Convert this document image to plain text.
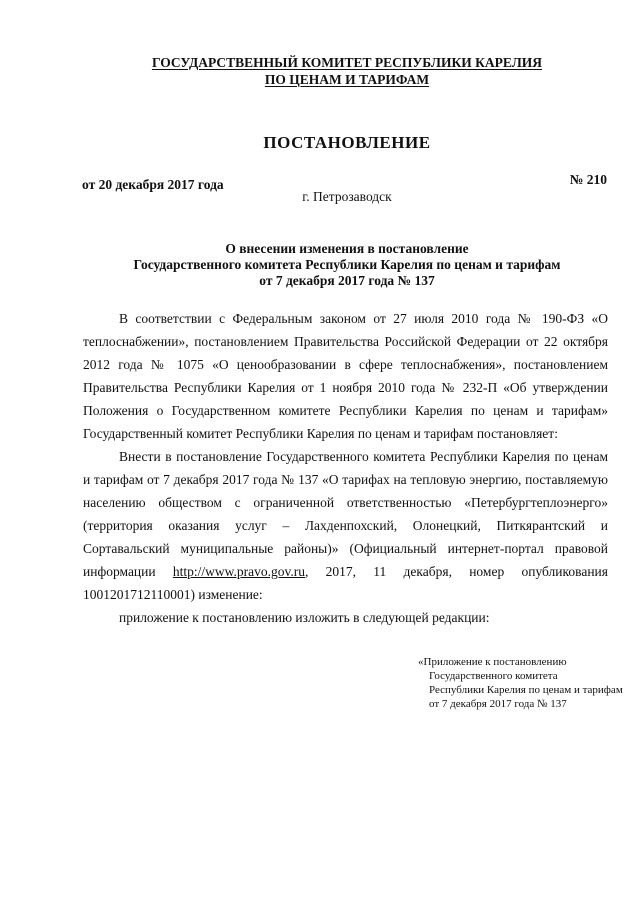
ГОСУДАРСТВЕННЫЙ КОМИТЕТ РЕСПУБЛИКИ КАРЕЛИЯ
ПО ЦЕНАМ И ТАРИФАМ
ПОСТАНОВЛЕНИЕ
от 20 декабря 2017 года	№ 210
г. Петрозаводск
О внесении изменения в постановление
Государственного комитета Республики Карелия по ценам и тарифам
от 7 декабря 2017 года № 137

В соответствии с Федеральным законом от 27 июля 2010 года № 190-ФЗ «О теплоснабжении», постановлением Правительства Российской Федерации от 22 октября 2012 года № 1075 «О ценообразовании в сфере теплоснабжения», постановлением Правительства Республики Карелия от 1 ноября 2010 года № 232-П «Об утверждении Положения о Государственном комитете Республики Карелия по ценам и тарифам» Государственный комитет Республики Карелия по ценам и тарифам постановляет:

Внести в постановление Государственного комитета Республики Карелия по ценам и тарифам от 7 декабря 2017 года № 137 «О тарифах на тепловую энергию, поставляемую населению обществом с ограниченной ответственностью «Петербургтеплоэнерго» (территория оказания услуг – Лахденпохский, Олонецкий, Питкярантский и Сортавальский муниципальные районы)» (Официальный интернет-портал правовой информации http://www.pravo.gov.ru, 2017, 11 декабря, номер опубликования 1001201712110001) изменение:

приложение к постановлению изложить в следующей редакции:

«Приложение к постановлению
Государственного комитета
Республики Карелия по ценам и тарифам
от 7 декабря 2017 года № 137
